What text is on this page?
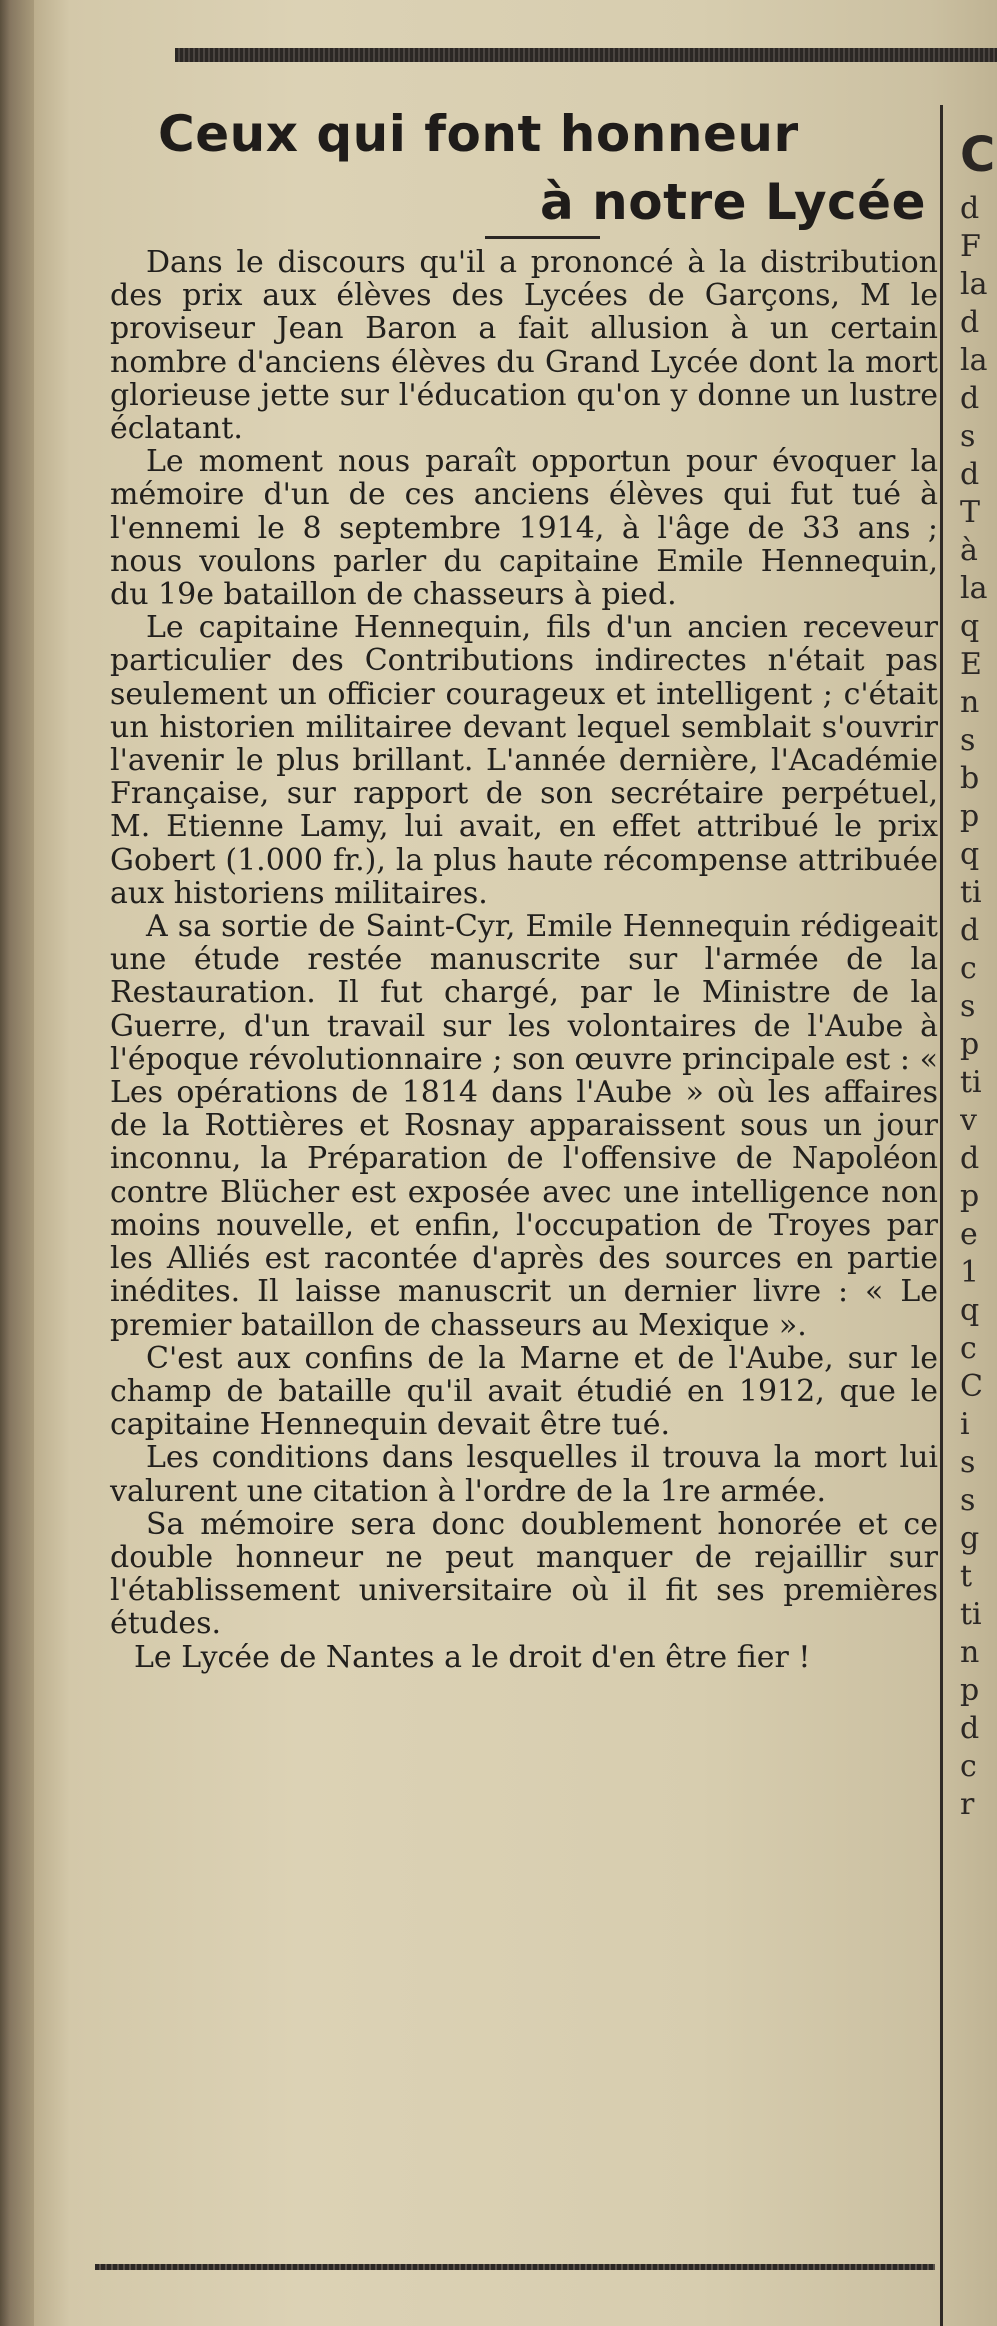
Ceux qui font honneur
à notre Lycée

Dans le discours qu'il a prononcé à la distribution des prix aux élèves des Lycées de Garçons, M le proviseur Jean Baron a fait allusion à un certain nombre d'anciens élèves du Grand Lycée dont la mort glorieuse jette sur l'éducation qu'on y donne un lustre éclatant.

Le moment nous paraît opportun pour évoquer la mémoire d'un de ces anciens élèves qui fut tué à l'ennemi le 8 septembre 1914, à l'âge de 33 ans ; nous voulons parler du capitaine Emile Hennequin, du 19e bataillon de chasseurs à pied.

Le capitaine Hennequin, fils d'un ancien receveur particulier des Contributions indirectes n'était pas seulement un officier courageux et intelligent ; c'était un historien militairee devant lequel semblait s'ouvrir l'avenir le plus brillant. L'année dernière, l'Académie Française, sur rapport de son secrétaire perpétuel, M. Etienne Lamy, lui avait, en effet attribué le prix Gobert (1.000 fr.), la plus haute récompense attribuée aux historiens militaires.

A sa sortie de Saint-Cyr, Emile Hennequin rédigeait une étude restée manuscrite sur l'armée de la Restauration. Il fut chargé, par le Ministre de la Guerre, d'un travail sur les volontaires de l'Aube à l'époque révolutionnaire ; son œuvre principale est : « Les opérations de 1814 dans l'Aube » où les affaires de la Rottières et Rosnay apparaissent sous un jour inconnu, la Préparation de l'offensive de Napoléon contre Blücher est exposée avec une intelligence non moins nouvelle, et enfin, l'occupation de Troyes par les Alliés est racontée d'après des sources en partie inédites. Il laisse manuscrit un dernier livre : « Le premier bataillon de chasseurs au Mexique ».

C'est aux confins de la Marne et de l'Aube, sur le champ de bataille qu'il avait étudié en 1912, que le capitaine Hennequin devait être tué.

Les conditions dans lesquelles il trouva la mort lui valurent une citation à l'ordre de la 1re armée.

Sa mémoire sera donc doublement honorée et ce double honneur ne peut manquer de rejaillir sur l'établissement universitaire où il fit ses premières études.

Le Lycée de Nantes a le droit d'en être fier !

C
d
F
la
d
la
d
s
d
T
à
la
q
E
n
s
b
p
q
ti
d
c
s
p
ti
v
d
p
e
1
q
c
C
i
s
s
g
t
ti
n
p
d
c
r
